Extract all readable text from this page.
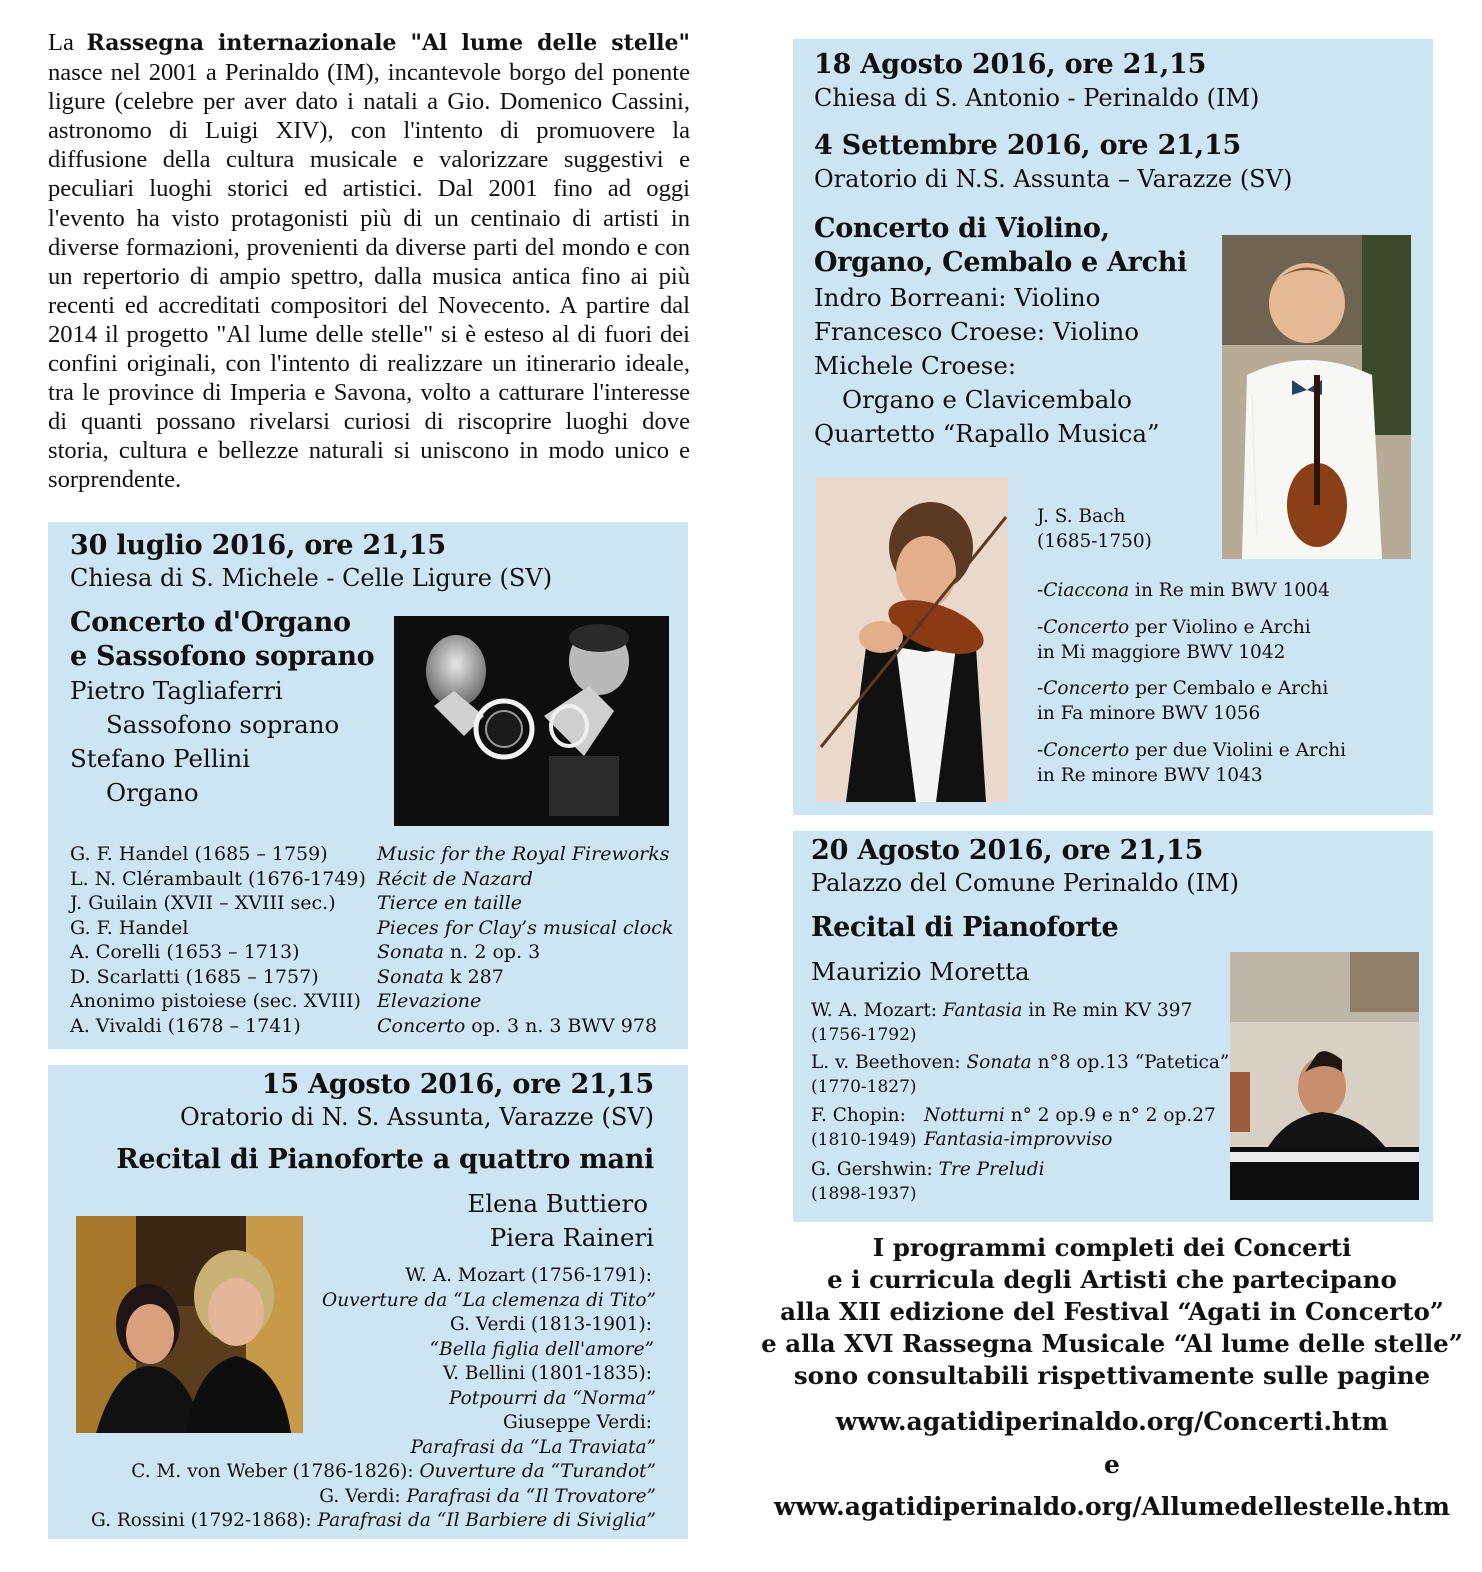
La Rassegna internazionale "Al lume delle stelle" nasce nel 2001 a Perinaldo (IM), incantevole borgo del ponente ligure (celebre per aver dato i natali a Gio. Domenico Cassini, astronomo di Luigi XIV), con l'intento di promuovere la diffusione della cultura musicale e valorizzare suggestivi e peculiari luoghi storici ed artistici. Dal 2001 fino ad oggi l'evento ha visto protagonisti più di un centinaio di artisti in diverse formazioni, provenienti da diverse parti del mondo e con un repertorio di ampio spettro, dalla musica antica fino ai più recenti ed accreditati compositori del Novecento. A partire dal 2014 il progetto "Al lume delle stelle" si è esteso al di fuori dei confini originali, con l'intento di realizzare un itinerario ideale, tra le province di Imperia e Savona, volto a catturare l'interesse di quanti possano rivelarsi curiosi di riscoprire luoghi dove storia, cultura e bellezze naturali si uniscono in modo unico e sorprendente.
30 luglio 2016, ore 21,15
Chiesa di S. Michele - Celle Ligure (SV)
Concerto d'Organo
e Sassofono soprano
Pietro Tagliaferri
Sassofono soprano
Stefano Pellini
Organo
G. F. Handel (1685 – 1759)	Music for the Royal Fireworks
L. N. Clérambault (1676-1749) Récit de Nazard
J. Guilain (XVII – XVIII sec.) Tierce en taille
G. F. Handel	Pieces for Clay’s musical clock
A. Corelli (1653 – 1713)	Sonata n. 2 op. 3
D. Scarlatti (1685 – 1757)	Sonata k 287
Anonimo pistoiese (sec. XVIII) Elevazione
A. Vivaldi (1678 – 1741)	Concerto op. 3 n. 3 BWV 978
15 Agosto 2016, ore 21,15
Oratorio di N. S. Assunta, Varazze (SV)
Recital di Pianoforte a quattro mani
Elena Buttiero
Piera Raineri
W. A. Mozart (1756-1791):
Ouverture da “La clemenza di Tito”
G. Verdi (1813-1901):
“Bella figlia dell'amore”
V. Bellini (1801-1835):
Potpourri da “Norma”
Giuseppe Verdi:
Parafrasi da “La Traviata”
C. M. von Weber (1786-1826): Ouverture da “Turandot”
G. Verdi: Parafrasi da “Il Trovatore”
G. Rossini (1792-1868): Parafrasi da “Il Barbiere di Siviglia”
18 Agosto 2016, ore 21,15
Chiesa di S. Antonio - Perinaldo (IM)
4 Settembre 2016, ore 21,15
Oratorio di N.S. Assunta – Varazze (SV)
Concerto di Violino,
Organo, Cembalo e Archi
Indro Borreani: Violino
Francesco Croese: Violino
Michele Croese:
Organo e Clavicembalo
Quartetto “Rapallo Musica”
J. S. Bach
(1685-1750)
-Ciaccona in Re min BWV 1004
-Concerto per Violino e Archi
in Mi maggiore BWV 1042
-Concerto per Cembalo e Archi
in Fa minore BWV 1056
-Concerto per due Violini e Archi
in Re minore BWV 1043
20 Agosto 2016, ore 21,15
Palazzo del Comune Perinaldo (IM)
Recital di Pianoforte
Maurizio Moretta
W. A. Mozart: Fantasia in Re min KV 397
(1756-1792)
L. v. Beethoven: Sonata n°8 op.13 “Patetica”
(1770-1827)
F. Chopin: Notturni n° 2 op.9 e n° 2 op.27
(1810-1949) Fantasia-improvviso
G. Gershwin: Tre Preludi
(1898-1937)
I programmi completi dei Concerti
e i curricula degli Artisti che partecipano
alla XII edizione del Festival “Agati in Concerto”
e alla XVI Rassegna Musicale “Al lume delle stelle”
sono consultabili rispettivamente sulle pagine
www.agatidiperinaldo.org/Concerti.htm
e
www.agatidiperinaldo.org/Allumedellestelle.htm
